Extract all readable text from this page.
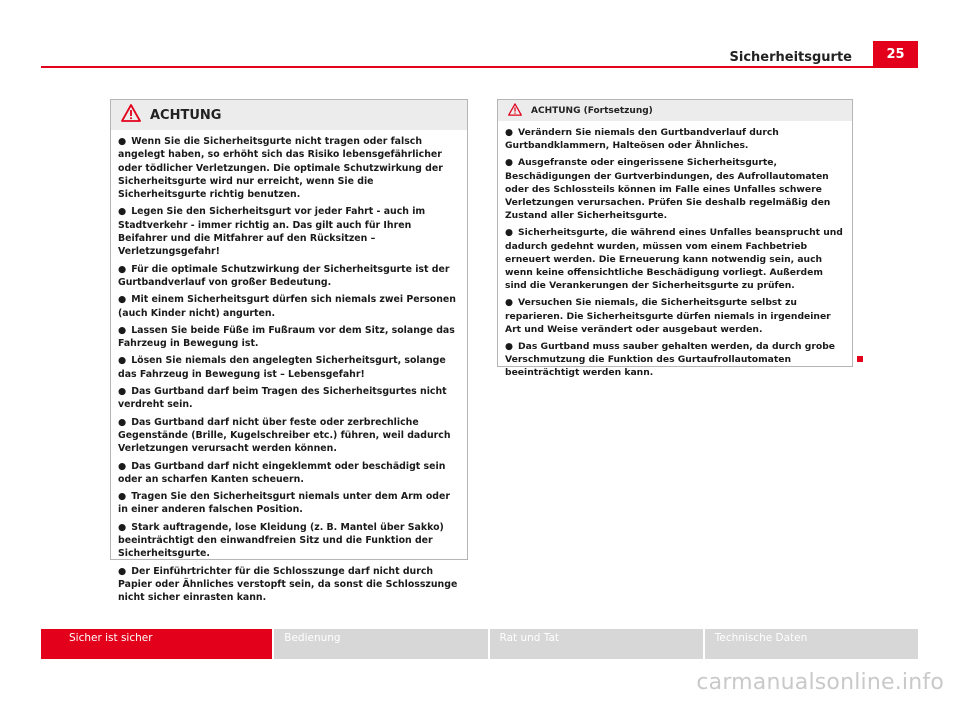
Sicherheitsgurte	25
ACHTUNG
● Wenn Sie die Sicherheitsgurte nicht tragen oder falsch angelegt haben, so erhöht sich das Risiko lebensgefährlicher oder tödlicher Verletzungen. Die optimale Schutzwirkung der Sicherheitsgurte wird nur erreicht, wenn Sie die Sicherheitsgurte richtig benutzen.
● Legen Sie den Sicherheitsgurt vor jeder Fahrt - auch im Stadtverkehr - immer richtig an. Das gilt auch für Ihren Beifahrer und die Mitfahrer auf den Rücksitzen – Verletzungsgefahr!
● Für die optimale Schutzwirkung der Sicherheitsgurte ist der Gurtbandverlauf von großer Bedeutung.
● Mit einem Sicherheitsgurt dürfen sich niemals zwei Personen (auch Kinder nicht) angurten.
● Lassen Sie beide Füße im Fußraum vor dem Sitz, solange das Fahrzeug in Bewegung ist.
● Lösen Sie niemals den angelegten Sicherheitsgurt, solange das Fahrzeug in Bewegung ist – Lebensgefahr!
● Das Gurtband darf beim Tragen des Sicherheitsgurtes nicht verdreht sein.
● Das Gurtband darf nicht über feste oder zerbrechliche Gegenstände (Brille, Kugelschreiber etc.) führen, weil dadurch Verletzungen verursacht werden können.
● Das Gurtband darf nicht eingeklemmt oder beschädigt sein oder an scharfen Kanten scheuern.
● Tragen Sie den Sicherheitsgurt niemals unter dem Arm oder in einer anderen falschen Position.
● Stark auftragende, lose Kleidung (z. B. Mantel über Sakko) beeinträchtigt den einwandfreien Sitz und die Funktion der Sicherheitsgurte.
● Der Einführtrichter für die Schlosszunge darf nicht durch Papier oder Ähnliches verstopft sein, da sonst die Schlosszunge nicht sicher einrasten kann.
ACHTUNG (Fortsetzung)
● Verändern Sie niemals den Gurtbandverlauf durch Gurtbandklammern, Halteösen oder Ähnliches.
● Ausgefranste oder eingerissene Sicherheitsgurte, Beschädigungen der Gurtverbindungen, des Aufrollautomaten oder des Schlossteils können im Falle eines Unfalles schwere Verletzungen verursachen. Prüfen Sie deshalb regelmäßig den Zustand aller Sicherheitsgurte.
● Sicherheitsgurte, die während eines Unfalles beansprucht und dadurch gedehnt wurden, müssen vom einem Fachbetrieb erneuert werden. Die Erneuerung kann notwendig sein, auch wenn keine offensichtliche Beschädigung vorliegt. Außerdem sind die Verankerungen der Sicherheitsgurte zu prüfen.
● Versuchen Sie niemals, die Sicherheitsgurte selbst zu reparieren. Die Sicherheitsgurte dürfen niemals in irgendeiner Art und Weise verändert oder ausgebaut werden.
● Das Gurtband muss sauber gehalten werden, da durch grobe Verschmutzung die Funktion des Gurtaufrollautomaten beeinträchtigt werden kann.
Sicher ist sicher	Bedienung	Rat und Tat	Technische Daten
carmanualsonline.info
